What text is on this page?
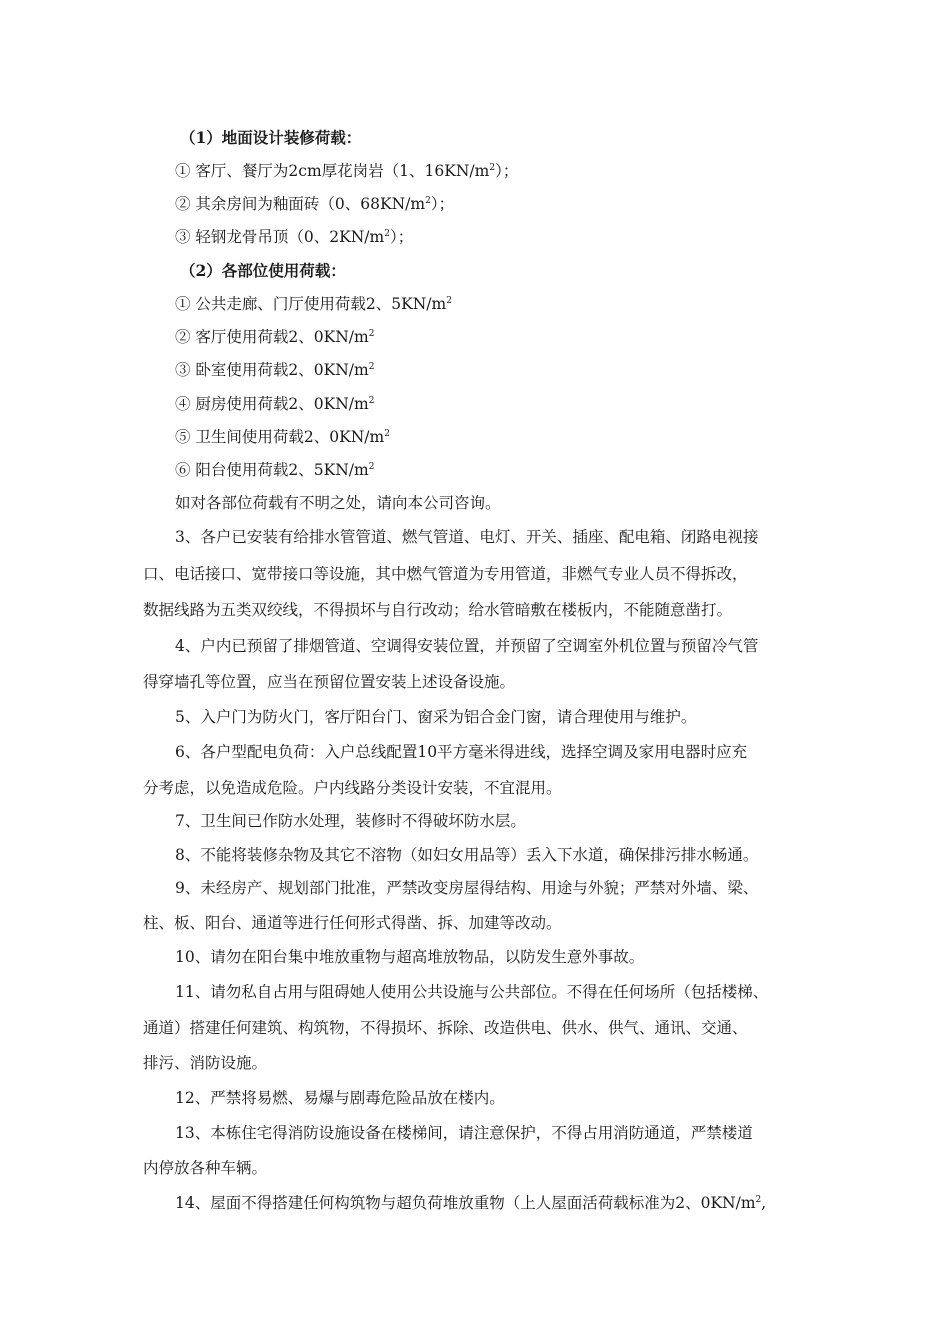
（1）地面设计装修荷载：
① 客厅、餐厅为2cm厚花岗岩（1、$16KN/m^2$）；
② 其余房间为釉面砖（0、$68KN/m^2$）；
③ 轻钢龙骨吊顶（0、$2KN/m^2$）；
（2）各部位使用荷载：
① 公共走廊、门厅使用荷载2、$5KN/m^2$
② 客厅使用荷载2、$0KN/m^2$
③ 卧室使用荷载2、$0KN/m^2$
④ 厨房使用荷载2、$0KN/m^2$
⑤ 卫生间使用荷载2、$0KN/m^2$
⑥ 阳台使用荷载2、$5KN/m^2$
如对各部位荷载有不明之处，请向本公司咨询。
3、各户已安装有给排水管管道、燃气管道、电灯、开关、插座、配电箱、闭路电视接
口、电话接口、宽带接口等设施，其中燃气管道为专用管道，非燃气专业人员不得拆改，
数据线路为五类双绞线，不得损坏与自行改动；给水管暗敷在楼板内，不能随意凿打。
4、户内已预留了排烟管道、空调得安装位置，并预留了空调室外机位置与预留冷气管
得穿墙孔等位置，应当在预留位置安装上述设备设施。
5、入户门为防火门，客厅阳台门、窗采为铝合金门窗，请合理使用与维护。
6、各户型配电负荷：入户总线配置10平方毫米得进线，选择空调及家用电器时应充
分考虑，以免造成危险。户内线路分类设计安装，不宜混用。
7、卫生间已作防水处理，装修时不得破坏防水层。
8、不能将装修杂物及其它不溶物（如妇女用品等）丢入下水道，确保排污排水畅通。
9、未经房产、规划部门批准，严禁改变房屋得结构、用途与外貌；严禁对外墙、梁、
柱、板、阳台、通道等进行任何形式得凿、拆、加建等改动。
10、请勿在阳台集中堆放重物与超高堆放物品，以防发生意外事故。
11、请勿私自占用与阻碍她人使用公共设施与公共部位。不得在任何场所（包括楼梯、
通道）搭建任何建筑、构筑物，不得损坏、拆除、改造供电、供水、供气、通讯、交通、
排污、消防设施。
12、严禁将易燃、易爆与剧毒危险品放在楼内。
13、本栋住宅得消防设施设备在楼梯间，请注意保护，不得占用消防通道，严禁楼道
内停放各种车辆。
14、屋面不得搭建任何构筑物与超负荷堆放重物（上人屋面活荷载标准为2、$0KN/m^2$,
